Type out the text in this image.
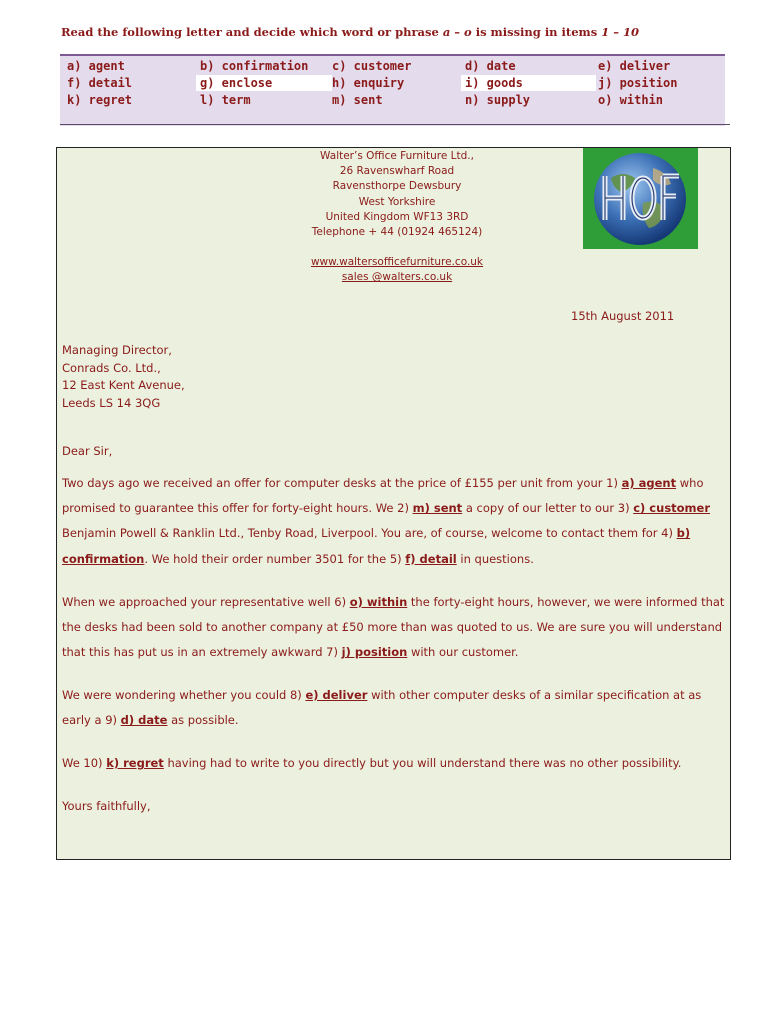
Read the following letter and decide which word or phrase a – o is missing in items 1 – 10
a) agent	b) confirmation c) customer	d) date	e) deliver
f) detail	g) enclose	h) enquiry	i) goods	j) position
k) regret	l) term	m) sent	n) supply	o) within
Walter’s Office Furniture Ltd.,
26 Ravenswharf Road
Ravensthorpe Dewsbury
West Yorkshire
United Kingdom WF13 3RD
Telephone + 44 (01924 465124)
www.waltersofficefurniture.co.uk
sales @walters.co.uk
15th August 2011
Managing Director,
Conrads Co. Ltd.,
12 East Kent Avenue,
Leeds LS 14 3QG
Dear Sir,
Two days ago we received an offer for computer desks at the price of £155 per unit from your 1) a) agent who promised to guarantee this offer for forty-eight hours. We 2) m) sent a copy of our letter to our 3) c) customer Benjamin Powell & Ranklin Ltd., Tenby Road, Liverpool. You are, of course, welcome to contact them for 4) b) confirmation. We hold their order number 3501 for the 5) f) detail in questions.
When we approached your representative well 6) o) within the forty-eight hours, however, we were informed that the desks had been sold to another company at £50 more than was quoted to us. We are sure you will understand that this has put us in an extremely awkward 7) j) position with our customer.
We were wondering whether you could 8) e) deliver with other computer desks of a similar specification at as early a 9) d) date as possible.
We 10) k) regret having had to write to you directly but you will understand there was no other possibility.
Yours faithfully,
